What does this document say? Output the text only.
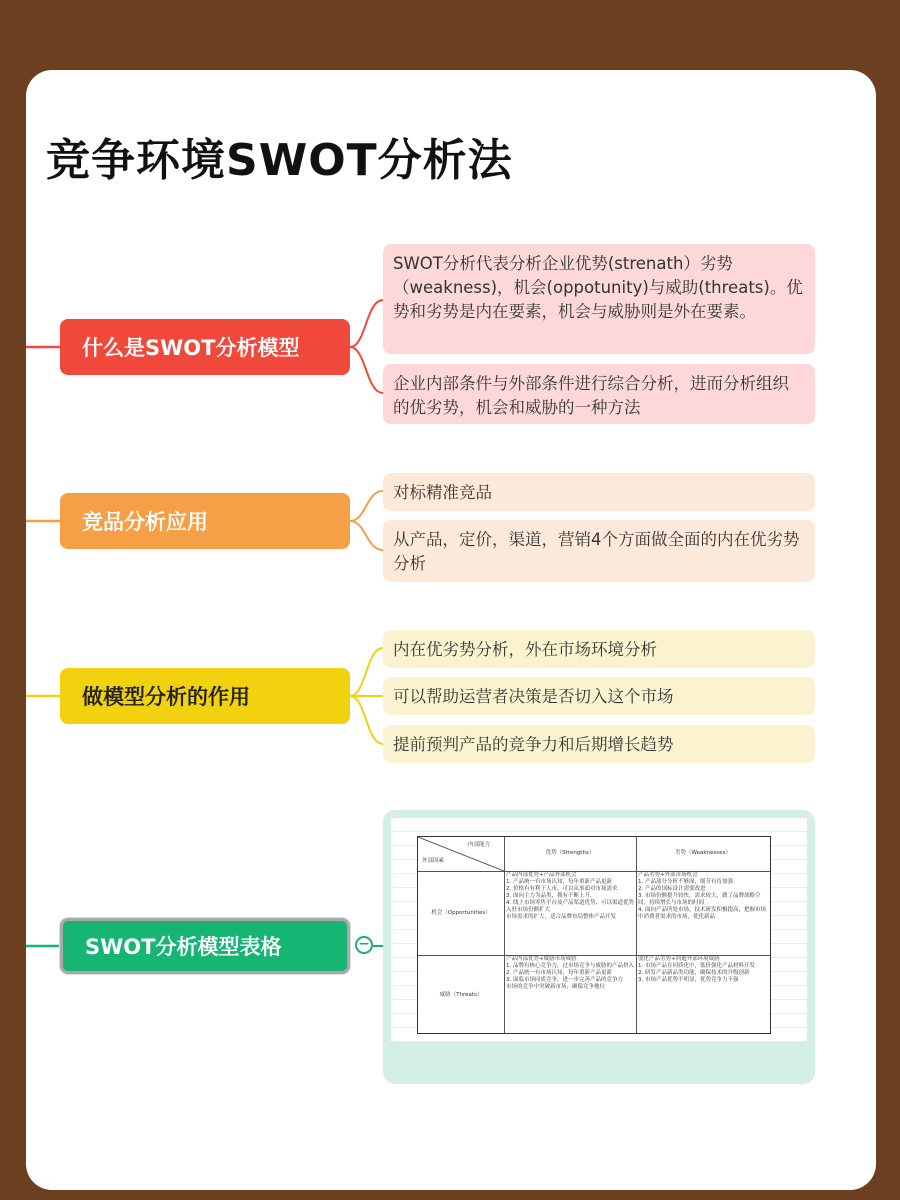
竞争环境SWOT分析法
什么是SWOT分析模型
SWOT分析代表分析企业优势(strenath）劣势（weakness)，机会(oppotunity)与威助(threats)。优势和劣势是内在要素，机会与威胁则是外在要素。
企业内部条件与外部条件进行综合分析，进而分析组织的优劣势，机会和威胁的一种方法
竞品分析应用
对标精准竞品
从产品，定价，渠道，营销4个方面做全面的内在优劣势分析
做模型分析的作用
内在优劣势分析，外在市场环境分析
可以帮助运营者决策是否切入这个市场
提前预判产品的竞争力和后期增长趋势
SWOT分析模型表格	−
内部能力
外部因素
优势（Strengths）	劣势（Weaknesses）
机会（Opportunities）
威胁（Threats）
产品内部优势+产品外部机会
1. 产品统一有市场认知，每年重新产品更新
2. 价格有有利于人市，可以从事面对市场需求
3. 面向主力为品类，拥有不断上升。
4. 线上市场零售平台及产品渠道优势，可以渠道优势入驻市场份额扩大
市场需求的扩大，适合品牌布局整体产品开发
产品劣势+外部市场机会
1. 产品部分分析不够深，细节有待加强
2. 产品的国标设计需要改进
3. 市场份额提升较快，需求较大，做了品牌战略空间，持续增长与市场的时间
4. 面向产品所处市场，技术研发积极提高，把握市场中消费者需求的市场，优化新品
产品内部优势+威胁市场威胁
1. 品牌有核心竞争力，过市场竞争与威胁的产品挤入
2. 产品统一有市场认知，每年重新产品更新
3. 面临市场同质竞争，进一步完善产品的竞争力
市场的竞争中突破新市场，确保竞争地位
弱化产品劣势+回避外部环境威胁
1. 市场产品在同质化中，低价强化产品材料开发
2. 研发产品新品类功能，确保技术的升级创新
3. 市场产品优势不明显，优势竞争力不强
